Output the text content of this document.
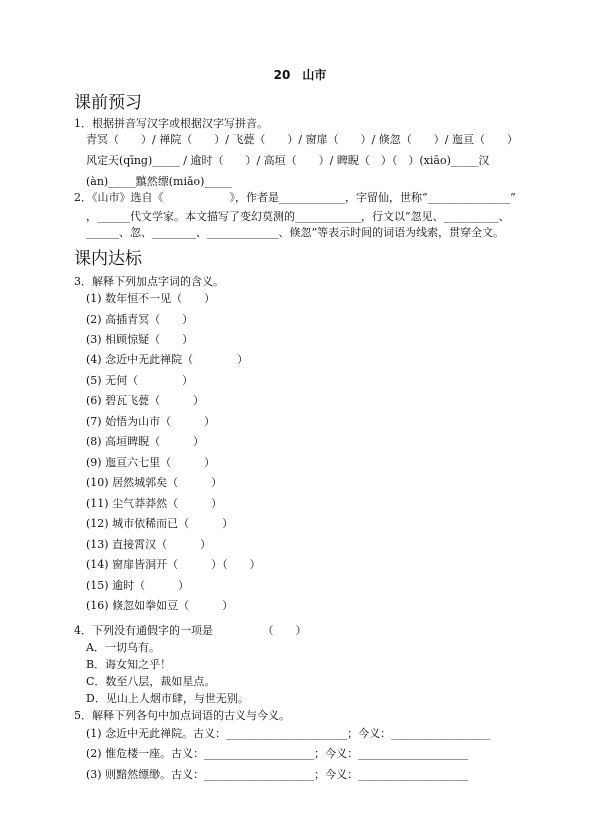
20　山市
课前预习
1．根据拼音写汉字或根据汉字写拼音。
青冥（　　）/ 禅院（　　）/ 飞甍（　　）/ 窗扉（　　）/ 倏忽（　　）/ 迤亘（　　）
风定天(qīng)_____ / 逾时（　　）/ 高垣（　　）/ 睥睨（　）（　）(xiāo)_____汉
(àn)_____黰然缥(miǎo)_____
2．《山市》选自《　　　　　　》，作者是____________，字留仙，世称“_______________”
，______代文学家。本文描写了变幻莫测的____________，行文以“忽见、__________、
______、忽、________、_____________、倏忽”等表示时间的词语为线索，贯穿全文。
课内达标
3．解释下列加点字词的含义。
(1) 数年恒不一见（　　）
(2) 高插青冥（　　）
(3) 相顾惊疑（　　）
(4) 念近中无此禅院（　　　　）
(5) 无何（　　　　）
(6) 碧瓦飞甍（　　　）
(7) 始悟为山市（　　　）
(8) 高垣睥睨（　　　）
(9) 迤亘六七里（　　　）
(10) 居然城郭矣（　　　）
(11) 尘气莽莽然（　　　）
(12) 城市依稀而已（　　　）
(13) 直接霄汉（　　　）
(14) 窗扉皆洞开（　　　）（　　）
(15) 逾时（　　　）
(16) 倏忽如拳如豆（　　　）
4．下列没有通假字的一项是　　　　　（　　）
A．一切乌有。
B．诲女知之乎！
C．数至八层，裁如星点。
D．见山上人烟市肆，与世无别。
5．解释下列各句中加点词语的古义与今义。
(1) 念近中无此禅院。古义：______________________；今义：__________________
(2) 惟危楼一座。古义：____________________；今义：____________________
(3) 则黯然缥缈。古义：____________________；今义：____________________
